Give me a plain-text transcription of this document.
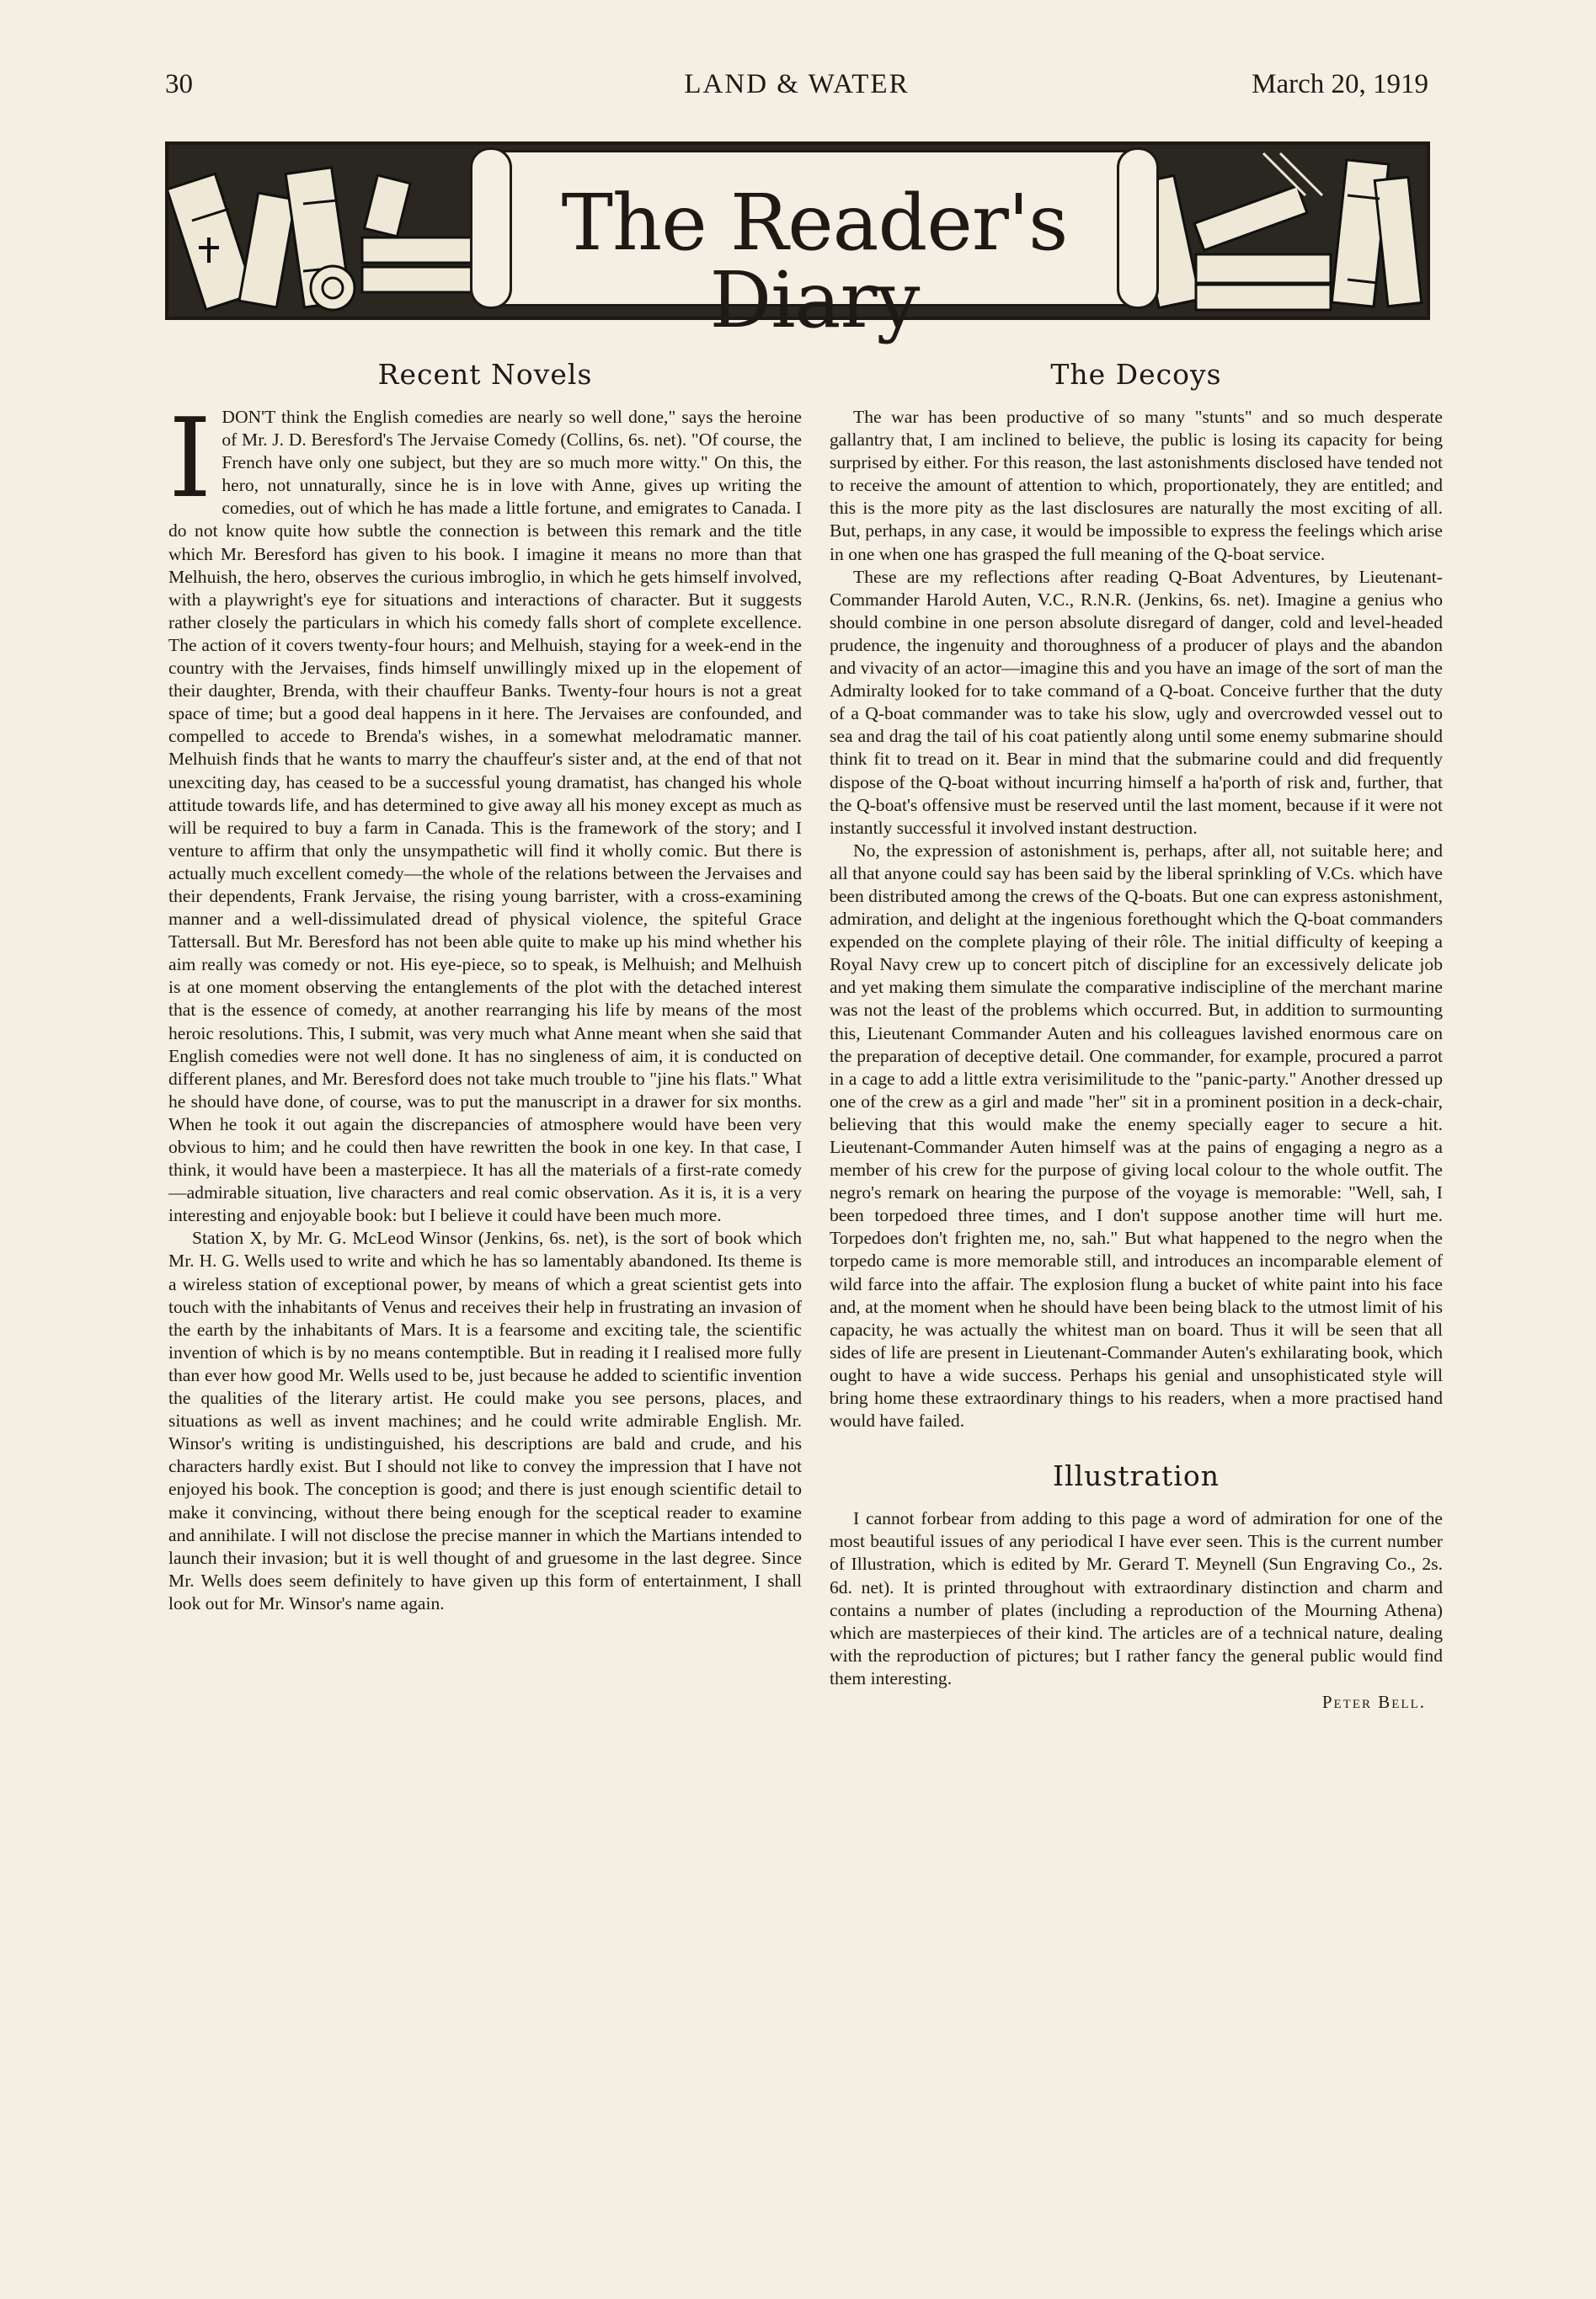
30	LAND & WATER	March 20, 1919
The Reader's Diary
Recent Novels

IDON'T think the English comedies are nearly so well done," says the heroine of Mr. J. D. Beresford's The Jervaise Comedy (Collins, 6s. net). "Of course, the French have only one subject, but they are so much more witty." On this, the hero, not unnaturally, since he is in love with Anne, gives up writing the comedies, out of which he has made a little fortune, and emigrates to Canada. I do not know quite how subtle the connection is between this remark and the title which Mr. Beresford has given to his book. I imagine it means no more than that Melhuish, the hero, observes the curious imbroglio, in which he gets himself involved, with a playwright's eye for situations and interactions of character. But it suggests rather closely the particulars in which his comedy falls short of complete excellence. The action of it covers twenty-four hours; and Melhuish, staying for a week-end in the country with the Jervaises, finds himself unwillingly mixed up in the elopement of their daughter, Brenda, with their chauffeur Banks. Twenty-four hours is not a great space of time; but a good deal happens in it here. The Jervaises are confounded, and compelled to accede to Brenda's wishes, in a somewhat melodramatic manner. Melhuish finds that he wants to marry the chauffeur's sister and, at the end of that not unexciting day, has ceased to be a successful young dramatist, has changed his whole attitude towards life, and has determined to give away all his money except as much as will be required to buy a farm in Canada. This is the framework of the story; and I venture to affirm that only the unsympathetic will find it wholly comic. But there is actually much excellent comedy—the whole of the relations between the Jervaises and their dependents, Frank Jervaise, the rising young barrister, with a cross-examining manner and a well-dissimulated dread of physical violence, the spiteful Grace Tattersall. But Mr. Beresford has not been able quite to make up his mind whether his aim really was comedy or not. His eye-piece, so to speak, is Melhuish; and Melhuish is at one moment observing the entanglements of the plot with the detached interest that is the essence of comedy, at another rearranging his life by means of the most heroic resolutions. This, I submit, was very much what Anne meant when she said that English comedies were not well done. It has no singleness of aim, it is conducted on different planes, and Mr. Beresford does not take much trouble to "jine his flats." What he should have done, of course, was to put the manuscript in a drawer for six months. When he took it out again the discrepancies of atmosphere would have been very obvious to him; and he could then have rewritten the book in one key. In that case, I think, it would have been a masterpiece. It has all the materials of a first-rate comedy—admirable situation, live characters and real comic observation. As it is, it is a very interesting and enjoyable book: but I believe it could have been much more.

Station X, by Mr. G. McLeod Winsor (Jenkins, 6s. net), is the sort of book which Mr. H. G. Wells used to write and which he has so lamentably abandoned. Its theme is a wireless station of exceptional power, by means of which a great scientist gets into touch with the inhabitants of Venus and receives their help in frustrating an invasion of the earth by the inhabitants of Mars. It is a fearsome and exciting tale, the scientific invention of which is by no means contemptible. But in reading it I realised more fully than ever how good Mr. Wells used to be, just because he added to scientific invention the qualities of the literary artist. He could make you see persons, places, and situations as well as invent machines; and he could write admirable English. Mr. Winsor's writing is undistinguished, his descriptions are bald and crude, and his characters hardly exist. But I should not like to convey the impression that I have not enjoyed his book. The conception is good; and there is just enough scientific detail to make it convincing, without there being enough for the sceptical reader to examine and annihilate. I will not disclose the precise manner in which the Martians intended to launch their invasion; but it is well thought of and gruesome in the last degree. Since Mr. Wells does seem definitely to have given up this form of entertainment, I shall look out for Mr. Winsor's name again.

The Decoys

The war has been productive of so many "stunts" and so much desperate gallantry that, I am inclined to believe, the public is losing its capacity for being surprised by either. For this reason, the last astonishments disclosed have tended not to receive the amount of attention to which, proportionately, they are entitled; and this is the more pity as the last disclosures are naturally the most exciting of all. But, perhaps, in any case, it would be impossible to express the feelings which arise in one when one has grasped the full meaning of the Q-boat service.

These are my reflections after reading Q-Boat Adventures, by Lieutenant-Commander Harold Auten, V.C., R.N.R. (Jenkins, 6s. net). Imagine a genius who should combine in one person absolute disregard of danger, cold and level-headed prudence, the ingenuity and thoroughness of a producer of plays and the abandon and vivacity of an actor—imagine this and you have an image of the sort of man the Admiralty looked for to take command of a Q-boat. Conceive further that the duty of a Q-boat commander was to take his slow, ugly and overcrowded vessel out to sea and drag the tail of his coat patiently along until some enemy submarine should think fit to tread on it. Bear in mind that the submarine could and did frequently dispose of the Q-boat without incurring himself a ha'porth of risk and, further, that the Q-boat's offensive must be reserved until the last moment, because if it were not instantly successful it involved instant destruction.

No, the expression of astonishment is, perhaps, after all, not suitable here; and all that anyone could say has been said by the liberal sprinkling of V.Cs. which have been distributed among the crews of the Q-boats. But one can express astonishment, admiration, and delight at the ingenious forethought which the Q-boat commanders expended on the complete playing of their rôle. The initial difficulty of keeping a Royal Navy crew up to concert pitch of discipline for an excessively delicate job and yet making them simulate the comparative indiscipline of the merchant marine was not the least of the problems which occurred. But, in addition to surmounting this, Lieutenant Commander Auten and his colleagues lavished enormous care on the preparation of deceptive detail. One commander, for example, procured a parrot in a cage to add a little extra verisimilitude to the "panic-party." Another dressed up one of the crew as a girl and made "her" sit in a prominent position in a deck-chair, believing that this would make the enemy specially eager to secure a hit. Lieutenant-Commander Auten himself was at the pains of engaging a negro as a member of his crew for the purpose of giving local colour to the whole outfit. The negro's remark on hearing the purpose of the voyage is memorable: "Well, sah, I been torpedoed three times, and I don't suppose another time will hurt me. Torpedoes don't frighten me, no, sah." But what happened to the negro when the torpedo came is more memorable still, and introduces an incomparable element of wild farce into the affair. The explosion flung a bucket of white paint into his face and, at the moment when he should have been being black to the utmost limit of his capacity, he was actually the whitest man on board. Thus it will be seen that all sides of life are present in Lieutenant-Commander Auten's exhilarating book, which ought to have a wide success. Perhaps his genial and unsophisticated style will bring home these extraordinary things to his readers, when a more practised hand would have failed.

Illustration

I cannot forbear from adding to this page a word of admiration for one of the most beautiful issues of any periodical I have ever seen. This is the current number of Illustration, which is edited by Mr. Gerard T. Meynell (Sun Engraving Co., 2s. 6d. net). It is printed throughout with extraordinary distinction and charm and contains a number of plates (including a reproduction of the Mourning Athena) which are masterpieces of their kind. The articles are of a technical nature, dealing with the reproduction of pictures; but I rather fancy the general public would find them interesting.

Peter Bell.
